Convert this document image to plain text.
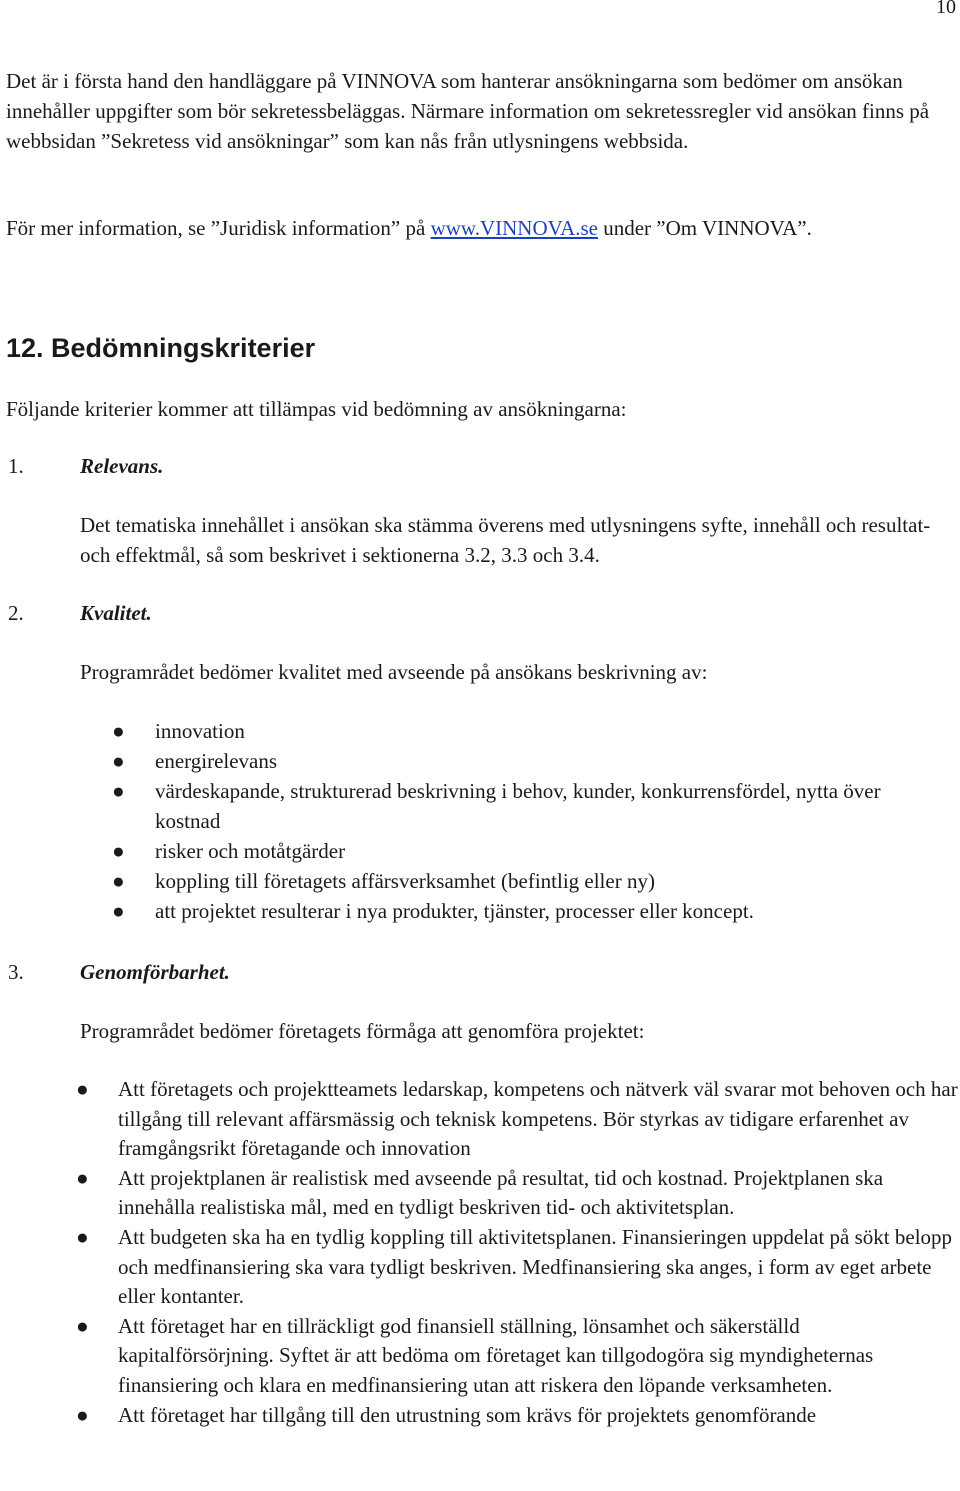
10

Det är i första hand den handläggare på VINNOVA som hanterar ansökningarna som bedömer om ansökan innehåller uppgifter som bör sekretessbeläggas. Närmare information om sekretessregler vid ansökan finns på webbsidan ”Sekretess vid ansökningar” som kan nås från utlysningens webbsida.

För mer information, se ”Juridisk information” på www.VINNOVA.se under ”Om VINNOVA”.

12. Bedömningskriterier

Följande kriterier kommer att tillämpas vid bedömning av ansökningarna:

1.	Relevans.

Det tematiska innehållet i ansökan ska stämma överens med utlysningens syfte, innehåll och resultat- och effektmål, så som beskrivet i sektionerna 3.2, 3.3 och 3.4.

2.	Kvalitet.

Programrådet bedömer kvalitet med avseende på ansökans beskrivning av:

● innovation
● energirelevans
● värdeskapande, strukturerad beskrivning i behov, kunder, konkurrensfördel, nytta över kostnad
● risker och motåtgärder
● koppling till företagets affärsverksamhet (befintlig eller ny)
● att projektet resulterar i nya produkter, tjänster, processer eller koncept.

3.	Genomförbarhet.

Programrådet bedömer företagets förmåga att genomföra projektet:

● Att företagets och projektteamets ledarskap, kompetens och nätverk väl svarar mot behoven och har tillgång till relevant affärsmässig och teknisk kompetens. Bör styrkas av tidigare erfarenhet av framgångsrikt företagande och innovation
● Att projektplanen är realistisk med avseende på resultat, tid och kostnad. Projektplanen ska innehålla realistiska mål, med en tydligt beskriven tid- och aktivitetsplan.
● Att budgeten ska ha en tydlig koppling till aktivitetsplanen. Finansieringen uppdelat på sökt belopp och medfinansiering ska vara tydligt beskriven. Medfinansiering ska anges, i form av eget arbete eller kontanter.
● Att företaget har en tillräckligt god finansiell ställning, lönsamhet och säkerställd kapitalförsörjning. Syftet är att bedöma om företaget kan tillgodogöra sig myndigheternas finansiering och klara en medfinansiering utan att riskera den löpande verksamheten.
● Att företaget har tillgång till den utrustning som krävs för projektets genomförande
